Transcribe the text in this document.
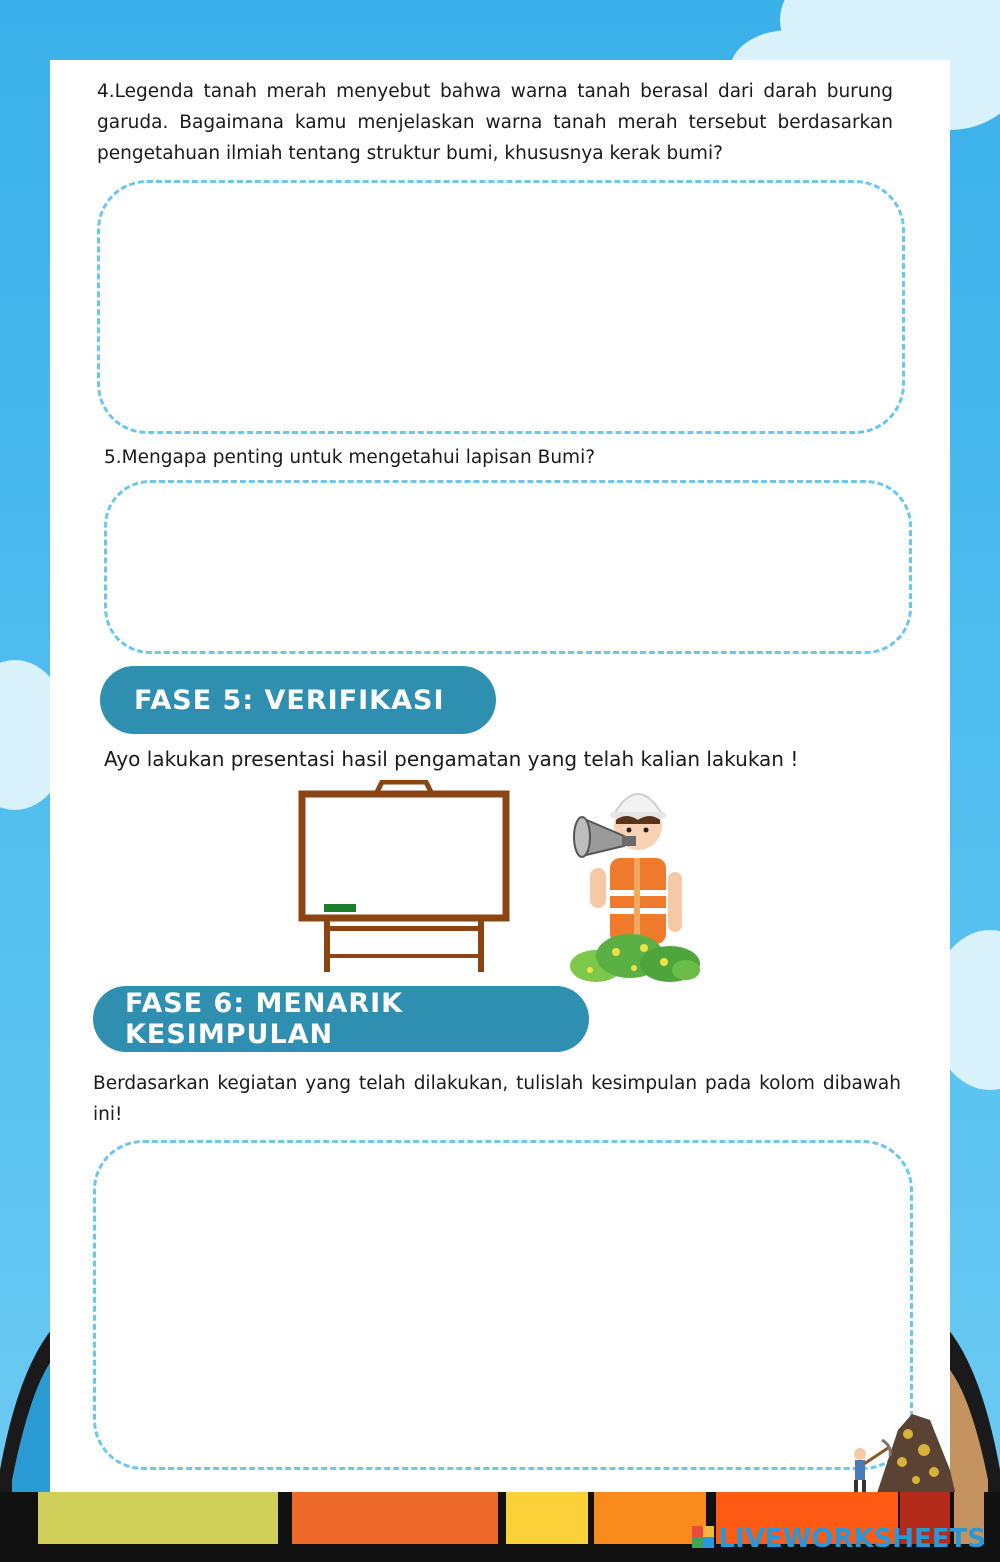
4.Legenda tanah merah menyebut bahwa warna tanah berasal dari darah burung garuda. Bagaimana kamu menjelaskan warna tanah merah tersebut berdasarkan pengetahuan ilmiah tentang struktur bumi, khususnya kerak bumi?
5.Mengapa penting untuk mengetahui lapisan Bumi?
FASE 5: VERIFIKASI
Ayo lakukan presentasi hasil pengamatan yang telah kalian lakukan !
FASE 6: MENARIK KESIMPULAN
Berdasarkan kegiatan yang telah dilakukan, tulislah kesimpulan pada kolom dibawah ini!
LIVEWORKSHEETS
